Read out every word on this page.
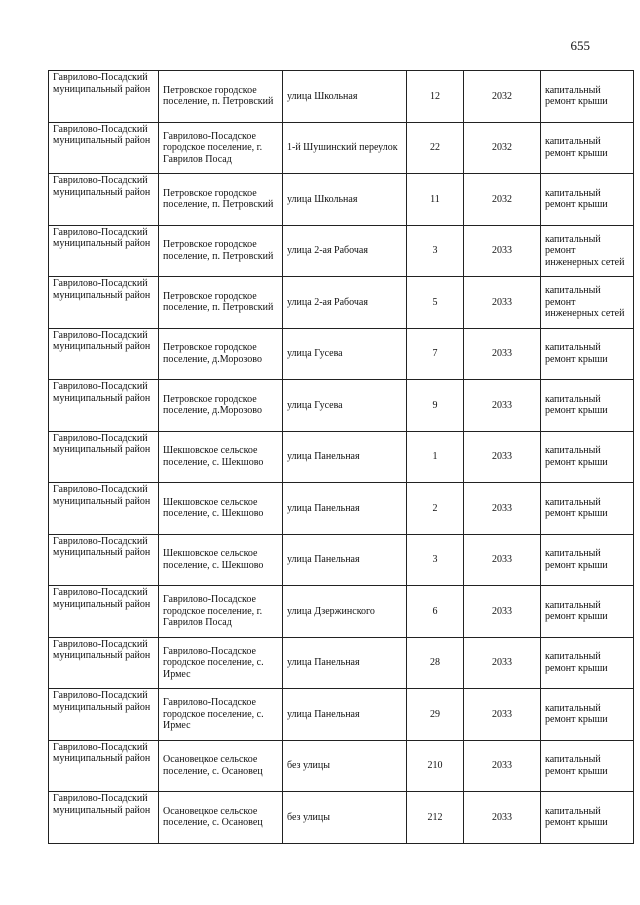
655
Гаврилово-Посадский муниципальный район	Петровское городское поселение, п. Петровский	улица Школьная	12	2032	капитальный ремонт крыши
Гаврилово-Посадский муниципальный район	Гаврилово-Посадское городское поселение, г. Гаврилов Посад	1-й Шушинский переулок	22	2032	капитальный ремонт крыши
Гаврилово-Посадский муниципальный район	Петровское городское поселение, п. Петровский	улица Школьная	11	2032	капитальный ремонт крыши
Гаврилово-Посадский муниципальный район	Петровское городское поселение, п. Петровский	улица 2-ая Рабочая	3	2033	капитальный ремонт инженерных сетей
Гаврилово-Посадский муниципальный район	Петровское городское поселение, п. Петровский	улица 2-ая Рабочая	5	2033	капитальный ремонт инженерных сетей
Гаврилово-Посадский муниципальный район	Петровское городское поселение, д.Морозово	улица Гусева	7	2033	капитальный ремонт крыши
Гаврилово-Посадский муниципальный район	Петровское городское поселение, д.Морозово	улица Гусева	9	2033	капитальный ремонт крыши
Гаврилово-Посадский муниципальный район	Шекшовское сельское поселение, с. Шекшово	улица Панельная	1	2033	капитальный ремонт крыши
Гаврилово-Посадский муниципальный район	Шекшовское сельское поселение, с. Шекшово	улица Панельная	2	2033	капитальный ремонт крыши
Гаврилово-Посадский муниципальный район	Шекшовское сельское поселение, с. Шекшово	улица Панельная	3	2033	капитальный ремонт крыши
Гаврилово-Посадский муниципальный район	Гаврилово-Посадское городское поселение, г. Гаврилов Посад	улица Дзержинского	6	2033	капитальный ремонт крыши
Гаврилово-Посадский муниципальный район	Гаврилово-Посадское городское поселение, с. Ирмес	улица Панельная	28	2033	капитальный ремонт крыши
Гаврилово-Посадский муниципальный район	Гаврилово-Посадское городское поселение, с. Ирмес	улица Панельная	29	2033	капитальный ремонт крыши
Гаврилово-Посадский муниципальный район	Осановецкое сельское поселение, с. Осановец	без улицы	210	2033	капитальный ремонт крыши
Гаврилово-Посадский муниципальный район	Осановецкое сельское поселение, с. Осановец	без улицы	212	2033	капитальный ремонт крыши
